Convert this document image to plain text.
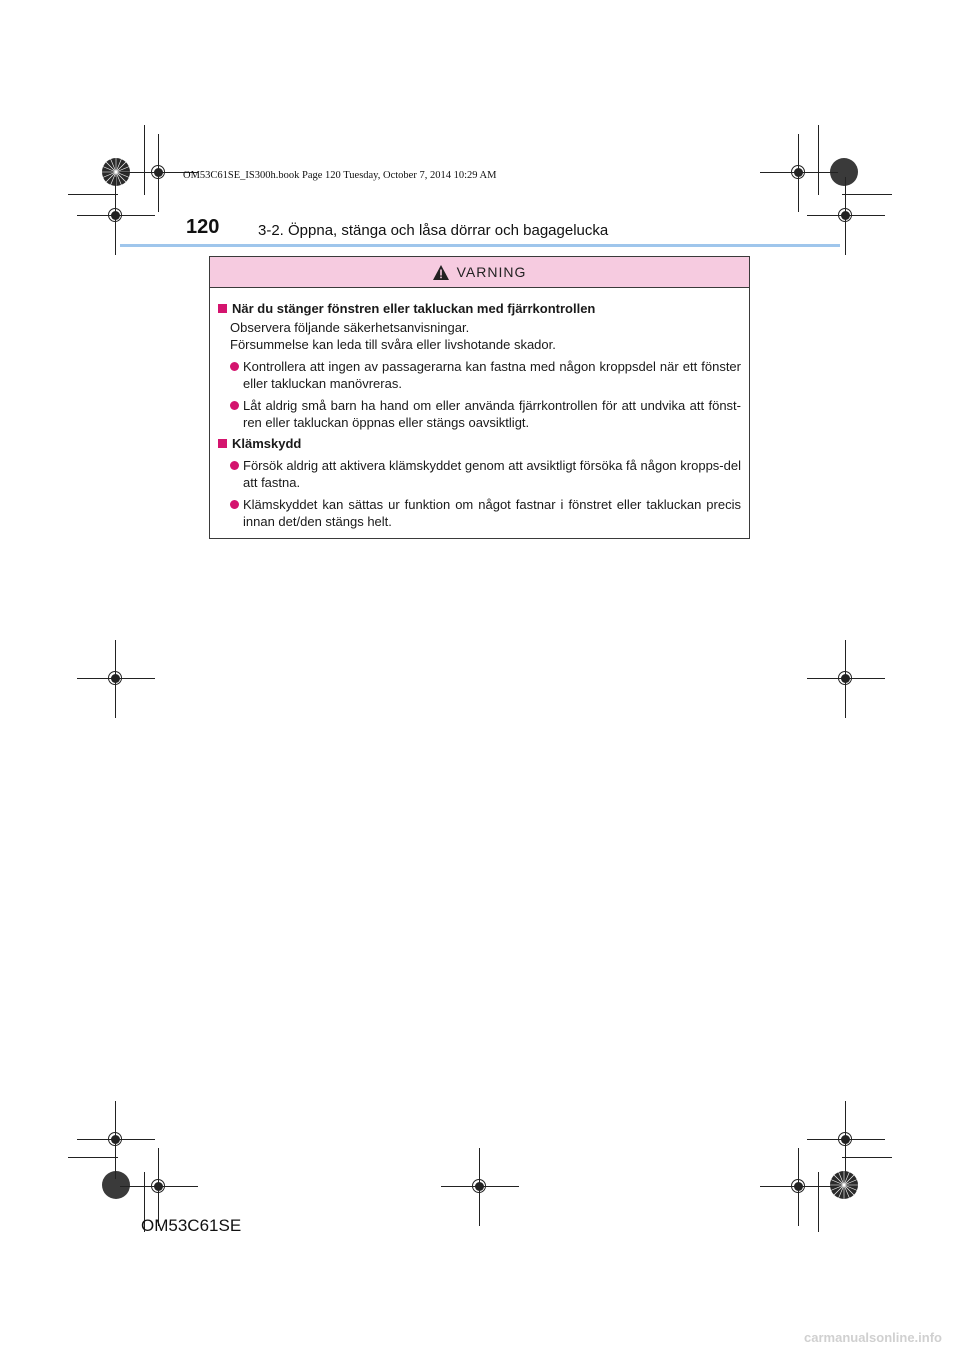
OM53C61SE_IS300h.book Page 120 Tuesday, October 7, 2014 10:29 AM
120	3-2. Öppna, stänga och låsa dörrar och bagagelucka
VARNING
När du stänger fönstren eller takluckan med fjärrkontrollen
Observera följande säkerhetsanvisningar.
Försummelse kan leda till svåra eller livshotande skador.
Kontrollera att ingen av passagerarna kan fastna med någon kroppsdel när ett fönster eller takluckan manövreras.
Låt aldrig små barn ha hand om eller använda fjärrkontrollen för att undvika att fönst-ren eller takluckan öppnas eller stängs oavsiktligt.
Klämskydd
Försök aldrig att aktivera klämskyddet genom att avsiktligt försöka få någon kropps-del att fastna.
Klämskyddet kan sättas ur funktion om något fastnar i fönstret eller takluckan precis innan det/den stängs helt.
OM53C61SE
carmanualsonline.info
